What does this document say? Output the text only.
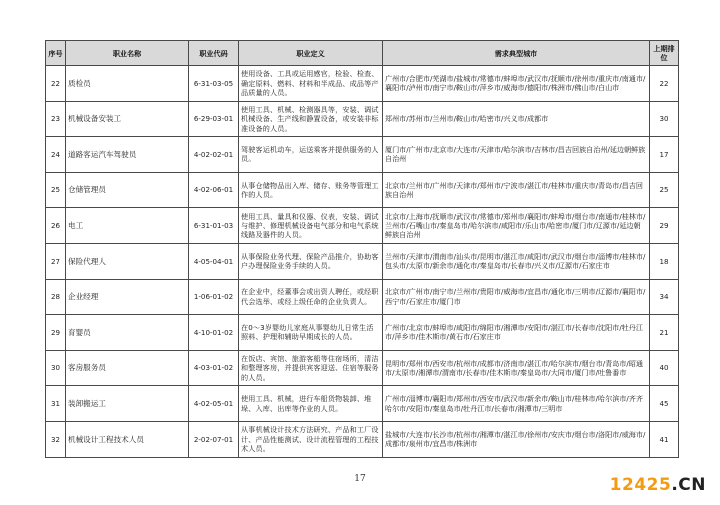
序号	职业名称	职业代码	职业定义	需求典型城市	上期排位
22	质检员	6-31-03-05	使用设备、工具或运用感官，检验、检查、确定原料、燃料、材料和半成品、成品等产品质量的人员。	广州市/合肥市/芜湖市/盐城市/常德市/蚌埠市/武汉市/抚顺市/徐州市/重庆市/南通市/襄阳市/泸州市/南宁市/鞍山市/萍乡市/威海市/德阳市/株洲市/佛山市/白山市	22
23	机械设备安装工	6-29-03-01	使用工具、机械、检测器具等，安装、调试机械设备、生产线和静置设备，或安装非标准设备的人员。	郑州市/苏州市/兰州市/鞍山市/哈密市/兴义市/成都市	30
24	道路客运汽车驾驶员	4-02-02-01	驾驶客运机动车，运送乘客并提供服务的人员。	厦门市/广州市/北京市/大连市/天津市/哈尔滨市/吉林市/昌吉回族自治州/延边朝鲜族自治州	17
25	仓储管理员	4-02-06-01	从事仓储物品出入库、储存、账务等管理工作的人员。	北京市/兰州市/广州市/天津市/郑州市/宁波市/湛江市/桂林市/重庆市/青岛市/昌吉回族自治州	25
26	电工	6-31-01-03	使用工具、量具和仪器、仪表，安装、调试与维护、修理机械设备电气部分和电气系统线路及器件的人员。	北京市/上海市/抚顺市/武汉市/常德市/郑州市/襄阳市/蚌埠市/烟台市/南通市/桂林市/兰州市/石嘴山市/秦皇岛市/哈尔滨市/咸阳市/乐山市/哈密市/厦门市/辽源市/延边朝鲜族自治州	29
27	保险代理人	4-05-04-01	从事保险业务代理、保险产品推介，协助客户办理保险业务手续的人员。	兰州市/天津市/渭南市/汕头市/昆明市/湛江市/咸阳市/武汉市/烟台市/淄博市/桂林市/包头市/太原市/新余市/通化市/秦皇岛市/长春市/兴义市/辽源市/石家庄市	18
28	企业经理	1-06-01-02	在企业中，经董事会或出资人聘任，或经职代会选举、或经上级任命的企业负责人。	北京市/广州市/南宁市/兰州市/贵阳市/威海市/宜昌市/通化市/三明市/辽源市/襄阳市/西宁市/石家庄市/厦门市	34
29	育婴员	4-10-01-02	在0～3岁婴幼儿家庭从事婴幼儿日常生活照料、护理和辅助早期成长的人员。	广州市/北京市/蚌埠市/咸阳市/绵阳市/湘潭市/安阳市/湛江市/长春市/沈阳市/牡丹江市/萍乡市/佳木斯市/黄石市/石家庄市	21
30	客房服务员	4-03-01-02	在饭店、宾馆、旅游客船等住宿场所，清洁和整理客房，并提供宾客迎送、住宿等服务的人员。	昆明市/郑州市/西安市/杭州市/成都市/济南市/湛江市/哈尔滨市/烟台市/青岛市/昭通市/太原市/湘潭市/渭南市/长春市/佳木斯市/秦皇岛市/大同市/厦门市/吐鲁番市	40
31	装卸搬运工	4-02-05-01	使用工具、机械，进行车船货物装卸、堆垛、入库、出库等作业的人员。	广州市/淄博市/襄阳市/郑州市/西安市/武汉市/新余市/鞍山市/桂林市/哈尔滨市/齐齐哈尔市/安阳市/秦皇岛市/牡丹江市/长春市/湘潭市/三明市	45
32	机械设计工程技术人员	2-02-07-01	从事机械设计技术方法研究、产品和工厂设计、产品性能测试、设计流程管理的工程技术人员。	盐城市/大连市/长沙市/杭州市/湘潭市/湛江市/徐州市/安庆市/烟台市/洛阳市/威海市/成都市/泉州市/宜昌市/株洲市	41
17	12425.CN
